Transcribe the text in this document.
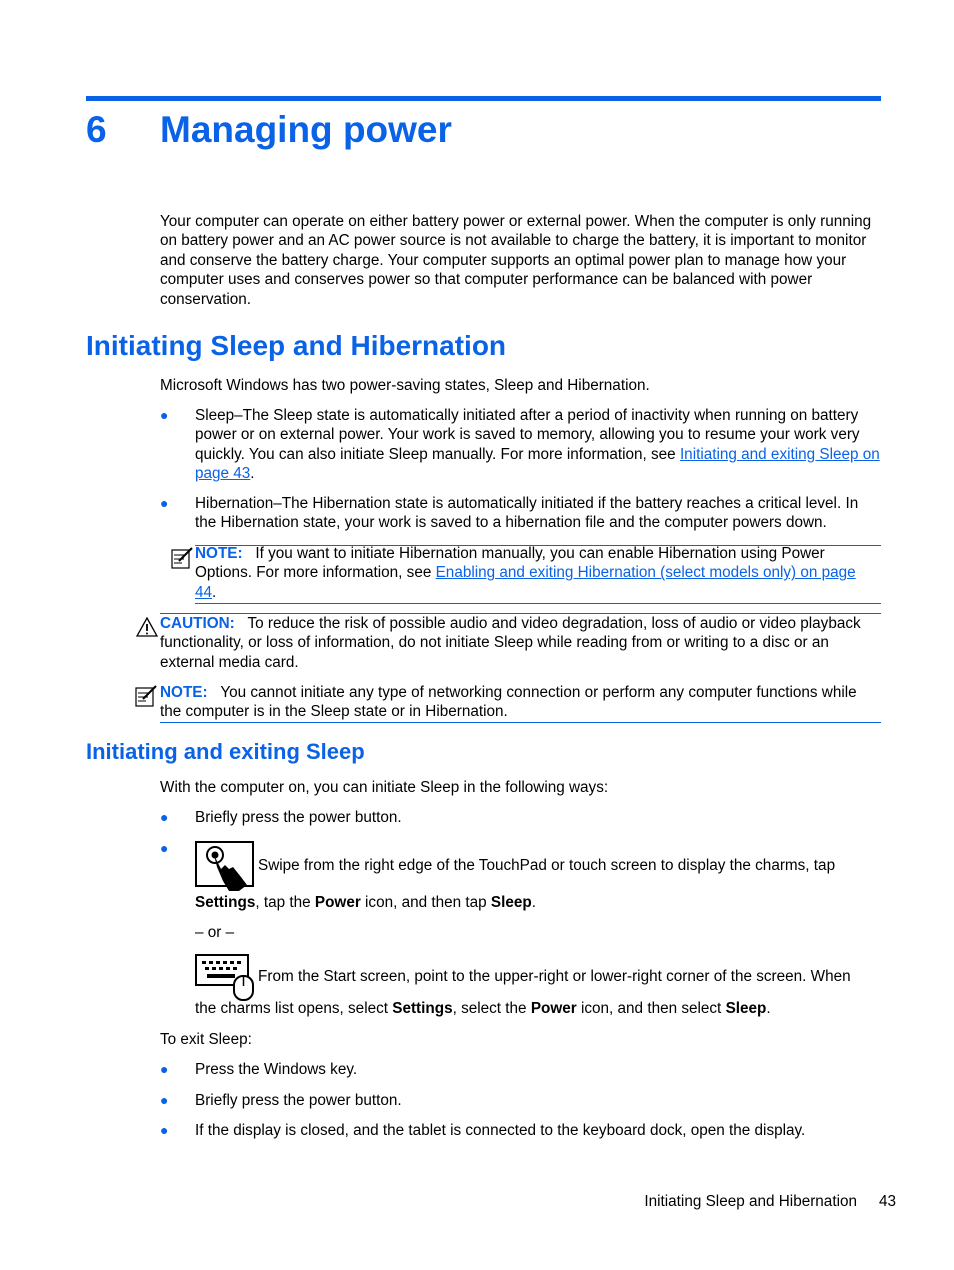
6 Managing power
Your computer can operate on either battery power or external power. When the computer is only running on battery power and an AC power source is not available to charge the battery, it is important to monitor and conserve the battery charge. Your computer supports an optimal power plan to manage how your computer uses and conserves power so that computer performance can be balanced with power conservation.
Initiating Sleep and Hibernation
Microsoft Windows has two power-saving states, Sleep and Hibernation.
● Sleep–The Sleep state is automatically initiated after a period of inactivity when running on battery power or on external power. Your work is saved to memory, allowing you to resume your work very quickly. You can also initiate Sleep manually. For more information, see Initiating and exiting Sleep on page 43.
● Hibernation–The Hibernation state is automatically initiated if the battery reaches a critical level. In the Hibernation state, your work is saved to a hibernation file and the computer powers down.
NOTE: If you want to initiate Hibernation manually, you can enable Hibernation using Power Options. For more information, see Enabling and exiting Hibernation (select models only) on page 44.
CAUTION: To reduce the risk of possible audio and video degradation, loss of audio or video playback functionality, or loss of information, do not initiate Sleep while reading from or writing to a disc or an external media card.
NOTE: You cannot initiate any type of networking connection or perform any computer functions while the computer is in the Sleep state or in Hibernation.
Initiating and exiting Sleep
With the computer on, you can initiate Sleep in the following ways:
● Briefly press the power button.
●
Swipe from the right edge of the TouchPad or touch screen to display the charms, tap
Settings, tap the Power icon, and then tap Sleep.
– or –
From the Start screen, point to the upper-right or lower-right corner of the screen. When
the charms list opens, select Settings, select the Power icon, and then select Sleep.
To exit Sleep:
● Press the Windows key.
● Briefly press the power button.
● If the display is closed, and the tablet is connected to the keyboard dock, open the display.
Initiating Sleep and Hibernation 43
